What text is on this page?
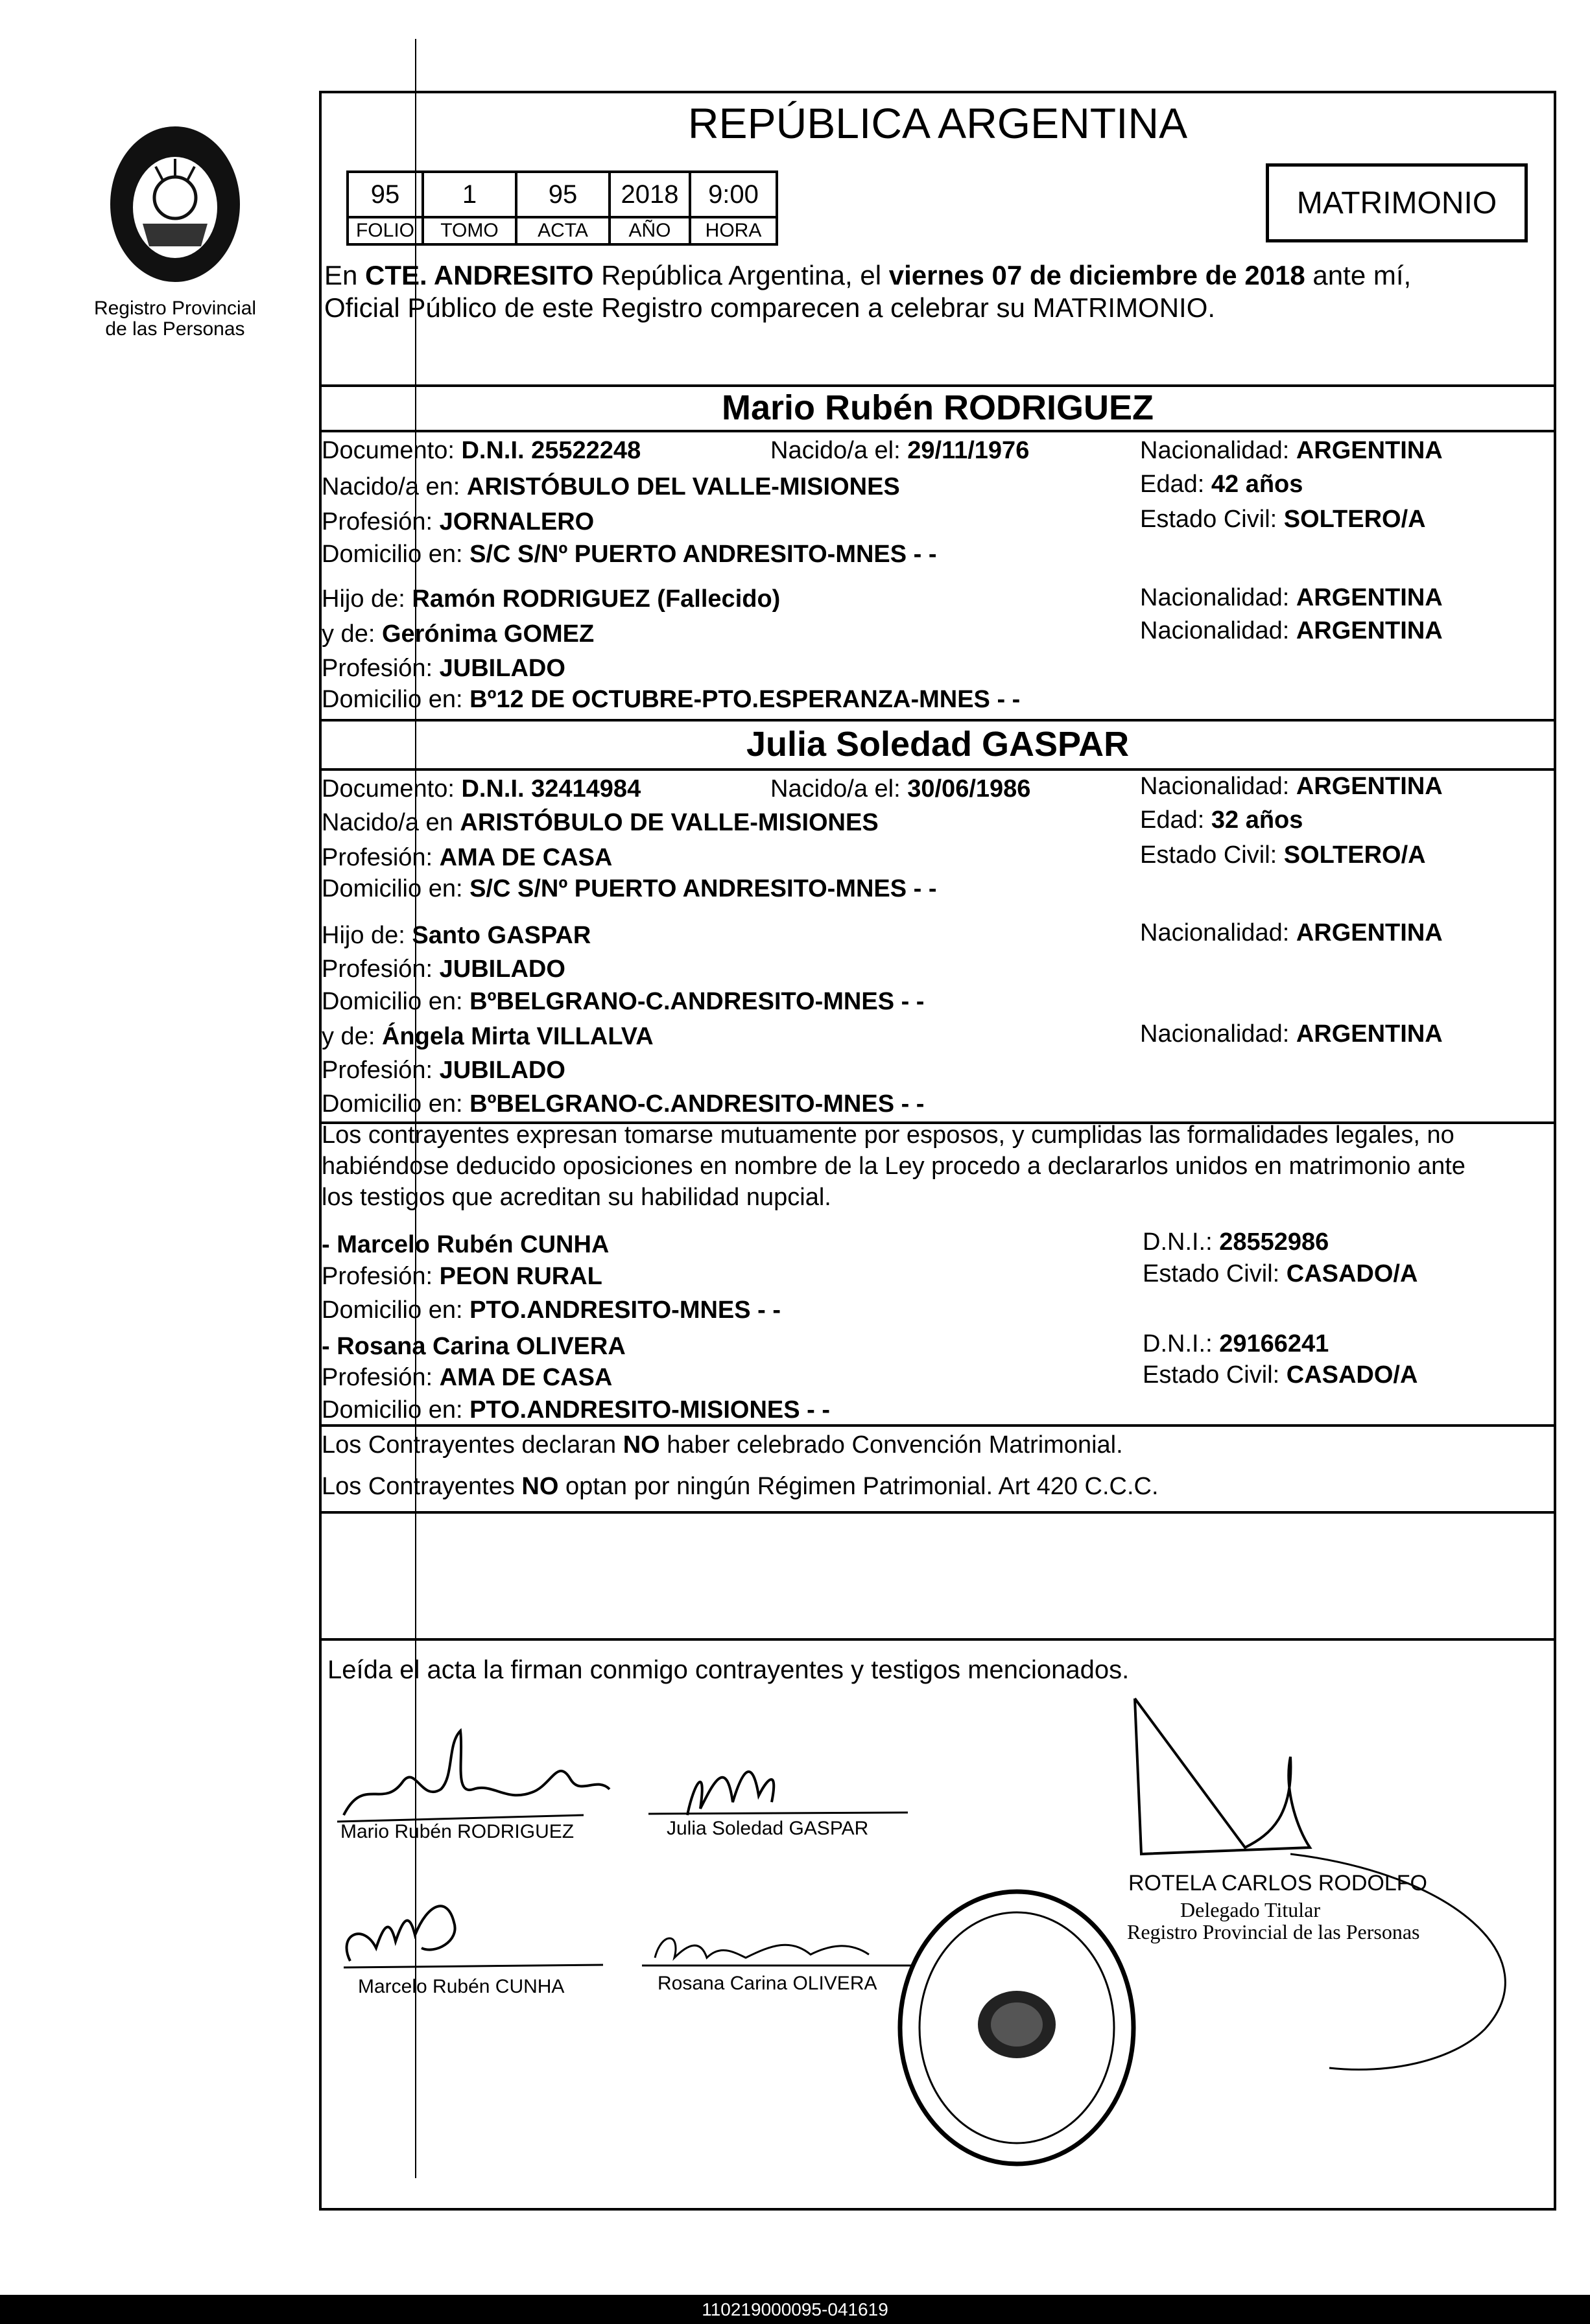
Registro Provincial
de las Personas
REPÚBLICA ARGENTINA
95	1	95	2018	9:00
FOLIO	TOMO	ACTA	AÑO	HORA
MATRIMONIO
En CTE. ANDRESITO República Argentina, el viernes 07 de diciembre de 2018 ante mí,
Oficial Público de este Registro comparecen a celebrar su MATRIMONIO.
Mario Rubén RODRIGUEZ
Documento: D.N.I. 25522248	Nacido/a el: 29/11/1976	Nacionalidad: ARGENTINA
Nacido/a en: ARISTÓBULO DEL VALLE-MISIONES	Edad: 42 años
Profesión: JORNALERO	Estado Civil: SOLTERO/A
Domicilio en: S/C S/Nº PUERTO ANDRESITO-MNES - -
Hijo de: Ramón RODRIGUEZ (Fallecido)	Nacionalidad: ARGENTINA
y de: Gerónima GOMEZ	Nacionalidad: ARGENTINA
Profesión: JUBILADO
Domicilio en: Bº12 DE OCTUBRE-PTO.ESPERANZA-MNES - -
Julia Soledad GASPAR
Documento: D.N.I. 32414984	Nacido/a el: 30/06/1986	Nacionalidad: ARGENTINA
Nacido/a en ARISTÓBULO DE VALLE-MISIONES	Edad: 32 años
Profesión: AMA DE CASA	Estado Civil: SOLTERO/A
Domicilio en: S/C S/Nº PUERTO ANDRESITO-MNES - -
Hijo de: Santo GASPAR	Nacionalidad: ARGENTINA
Profesión: JUBILADO
Domicilio en: BºBELGRANO-C.ANDRESITO-MNES - -
y de: Ángela Mirta VILLALVA	Nacionalidad: ARGENTINA
Profesión: JUBILADO
Domicilio en: BºBELGRANO-C.ANDRESITO-MNES - -
Los contrayentes expresan tomarse mutuamente por esposos, y cumplidas las formalidades legales, no
habiéndose deducido oposiciones en nombre de la Ley procedo a declararlos unidos en matrimonio ante
los testigos que acreditan su habilidad nupcial.
- Marcelo Rubén CUNHA	D.N.I.: 28552986
Profesión: PEON RURAL	Estado Civil: CASADO/A
Domicilio en: PTO.ANDRESITO-MNES - -
- Rosana Carina OLIVERA	D.N.I.: 29166241
Profesión: AMA DE CASA	Estado Civil: CASADO/A
Domicilio en: PTO.ANDRESITO-MISIONES - -
Los Contrayentes declaran NO haber celebrado Convención Matrimonial.
Los Contrayentes NO optan por ningún Régimen Patrimonial. Art 420 C.C.C.
Leída el acta la firman conmigo contrayentes y testigos mencionados.
Mario Rubén RODRIGUEZ	Julia Soledad GASPAR
Marcelo Rubén CUNHA	Rosana Carina OLIVERA
ROTELA CARLOS RODOLFO
Delegado Titular
Registro Provincial de las Personas
110219000095-041619
